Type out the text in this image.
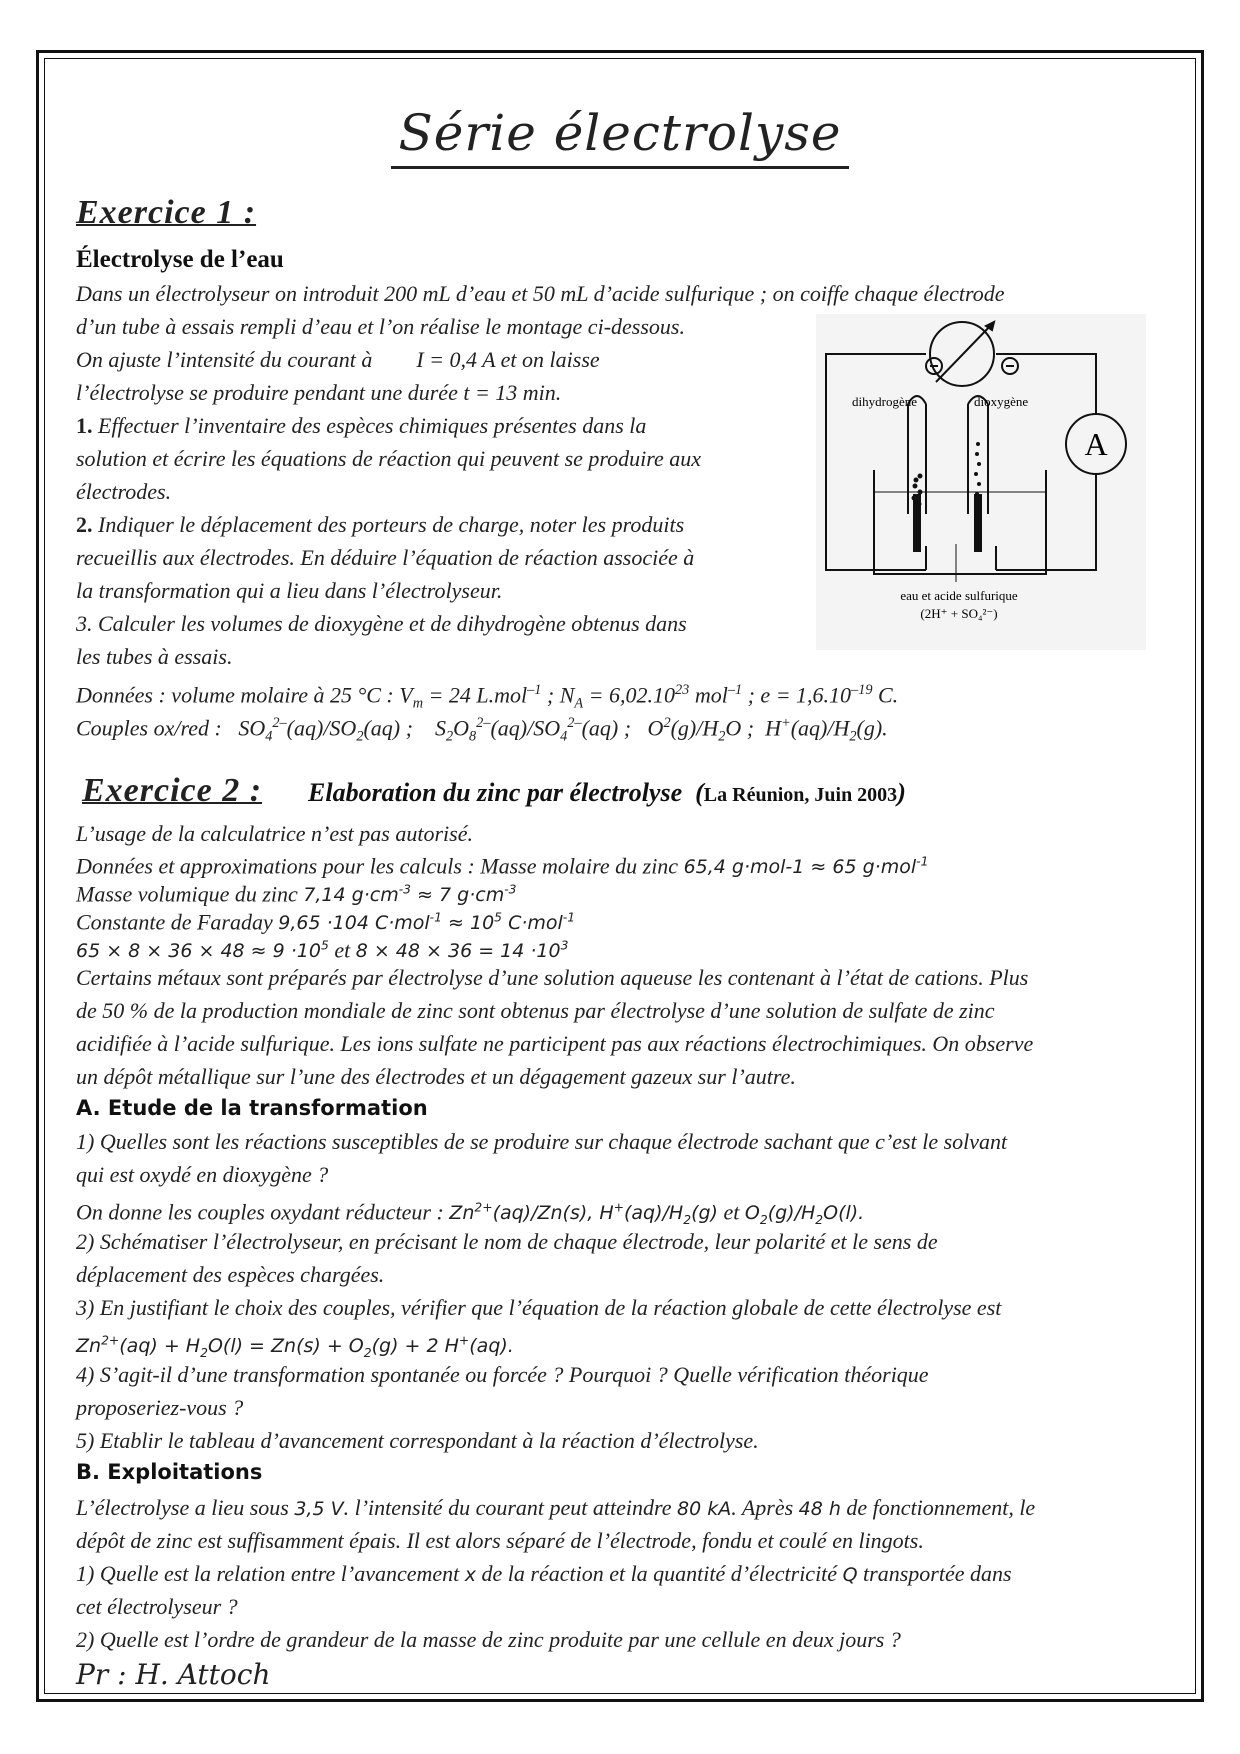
Série électrolyse
Exercice 1 :
Électrolyse de l’eau
Dans un électrolyseur on introduit 200 mL d’eau et 50 mL d’acide sulfurique ; on coiffe chaque électrode
d’un tube à essais rempli d’eau et l’on réalise le montage ci-dessous.
On ajuste l’intensité du courant à        I = 0,4 A et on laisse
l’électrolyse se produire pendant une durée t = 13 min.
1. Effectuer l’inventaire des espèces chimiques présentes dans la
solution et écrire les équations de réaction qui peuvent se produire aux
électrodes.
2. Indiquer le déplacement des porteurs de charge, noter les produits
recueillis aux électrodes. En déduire l’équation de réaction associée à
la transformation qui a lieu dans l’électrolyseur.
3. Calculer les volumes de dioxygène et de dihydrogène obtenus dans
les tubes à essais.
Données : volume molaire à 25 °C : $V_m = 24$ L.mol$^{-1}$ ; $N_A = 6,02.10^{23}$ mol$^{-1}$ ; $e = 1,6.10^{-19}$ C.
Couples ox/red :   $SO_4^{2-}(aq)/SO_2(aq)$ ;    $S_2O_8^{2-}(aq)/SO_4^{2-}(aq)$ ;   $O^2(g)/H_2O$ ;  $H^+(aq)/H_2(g)$.
dihydrogène	dioxygène
A
eau et acide sulfurique
(2H⁺ + SO₄²⁻)
Exercice 2 : Elaboration du zinc par électrolyse  (La Réunion, Juin 2003)
L’usage de la calculatrice n’est pas autorisé.
Données et approximations pour les calculs : Masse molaire du zinc 65,4 g·mol-1 ≈ 65 g·mol$^{-1}$
Masse volumique du zinc 7,14 $g\cdot cm^{-3} \approx 7$ $g\cdot cm^{-3}$
Constante de Faraday 9,65 ·104 $C\cdot mol^{-1} \approx 10^5$ C·mol$^{-1}$
$65 \times 8 \times 36 \times 48 \approx 9 \cdot 10^5$ et $8 \times 48 \times 36 = 14 \cdot 10^3$
Certains métaux sont préparés par électrolyse d’une solution aqueuse les contenant à l’état de cations. Plus
de 50 % de la production mondiale de zinc sont obtenus par électrolyse d’une solution de sulfate de zinc
acidifiée à l’acide sulfurique. Les ions sulfate ne participent pas aux réactions électrochimiques. On observe
un dépôt métallique sur l’une des électrodes et un dégagement gazeux sur l’autre.
A. Etude de la transformation
1) Quelles sont les réactions susceptibles de se produire sur chaque électrode sachant que c’est le solvant
qui est oxydé en dioxygène ?
On donne les couples oxydant réducteur : $Zn^{2+}(aq)/Zn(s)$, $H^+(aq)/H_2(g)$ et $O_2(g)/H_2O(l)$.
2) Schématiser l’électrolyseur, en précisant le nom de chaque électrode, leur polarité et le sens de
déplacement des espèces chargées.
3) En justifiant le choix des couples, vérifier que l’équation de la réaction globale de cette électrolyse est
$Zn^{2+}(aq) + H_2O(l) = Zn(s) + O_2(g) + 2$ H+(aq).
4) S’agit-il d’une transformation spontanée ou forcée ? Pourquoi ? Quelle vérification théorique
proposeriez-vous ?
5) Etablir le tableau d’avancement correspondant à la réaction d’électrolyse.
B. Exploitations
L’électrolyse a lieu sous 3,5 V. l’intensité du courant peut atteindre 80 kA. Après 48 h de fonctionnement, le
dépôt de zinc est suffisamment épais. Il est alors séparé de l’électrode, fondu et coulé en lingots.
1) Quelle est la relation entre l’avancement x de la réaction et la quantité d’électricité Q transportée dans
cet électrolyseur ?
2) Quelle est l’ordre de grandeur de la masse de zinc produite par une cellule en deux jours ?
Pr : H. Attoch
